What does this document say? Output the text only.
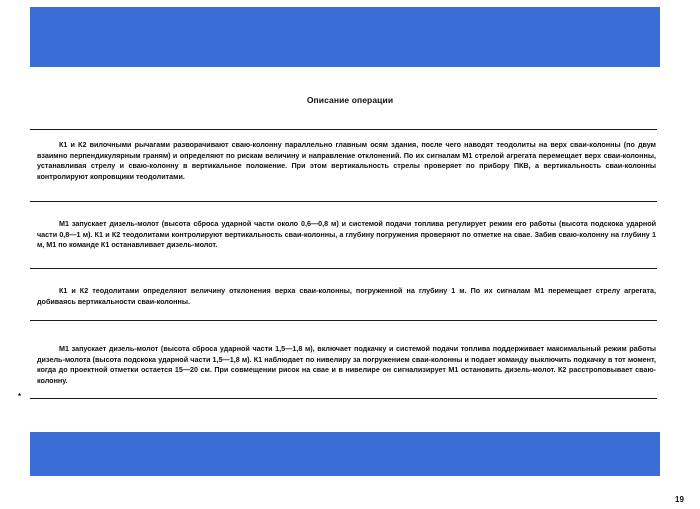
Описание операции

К1 и К2 вилочными рычагами разворачивают сваю-колонну параллельно главным осям здания, после чего наводят теодолиты на верх сваи-колонны (по двум взаимно перпендикулярным граням) и определяют по рискам величину и направление отклонений. По их сигналам М1 стрелой агрегата перемещает верх сваи-колонны, устанавливая стрелу и сваю-колонну в вертикальное положение. При этом вертикальность стрелы проверяет по прибору ПКВ, а вертикальность сваи-колонны контролируют копровщики теодолитами.

М1 запускает дизель-молот (высота сброса ударной части около 0,6—0,8 м) и системой подачи топлива регулирует режим его работы (высота подскока ударной части 0,8—1 м). К1 и К2 теодолитами контролируют вертикальность сваи-колонны, а глубину погружения проверяют по отметке на свае. Забив сваю-колонну на глубину 1 м, М1 по команде К1 останавливает дизель-молот.

К1 и К2 теодолитами определяют величину отклонения верха сваи-колонны, погруженной на глубину 1 м. По их сигналам М1 перемещает стрелу агрегата, добиваясь вертикальности сваи-колонны.

М1 запускает дизель-молот (высота сброса ударной части 1,5—1,8 м), включает подкачку и системой подачи топлива поддерживает максимальный режим работы дизель-молота (высота подскока ударной части 1,5—1,8 м). К1 наблюдает по нивелиру за погружением сваи-колонны и подает команду выключить подкачку в тот момент, когда до проектной отметки остается 15—20 см. При совмещении рисок на свае и в нивелире он сигнализирует М1 остановить дизель-молот. К2 расстроповывает сваю-колонну.

*
19
